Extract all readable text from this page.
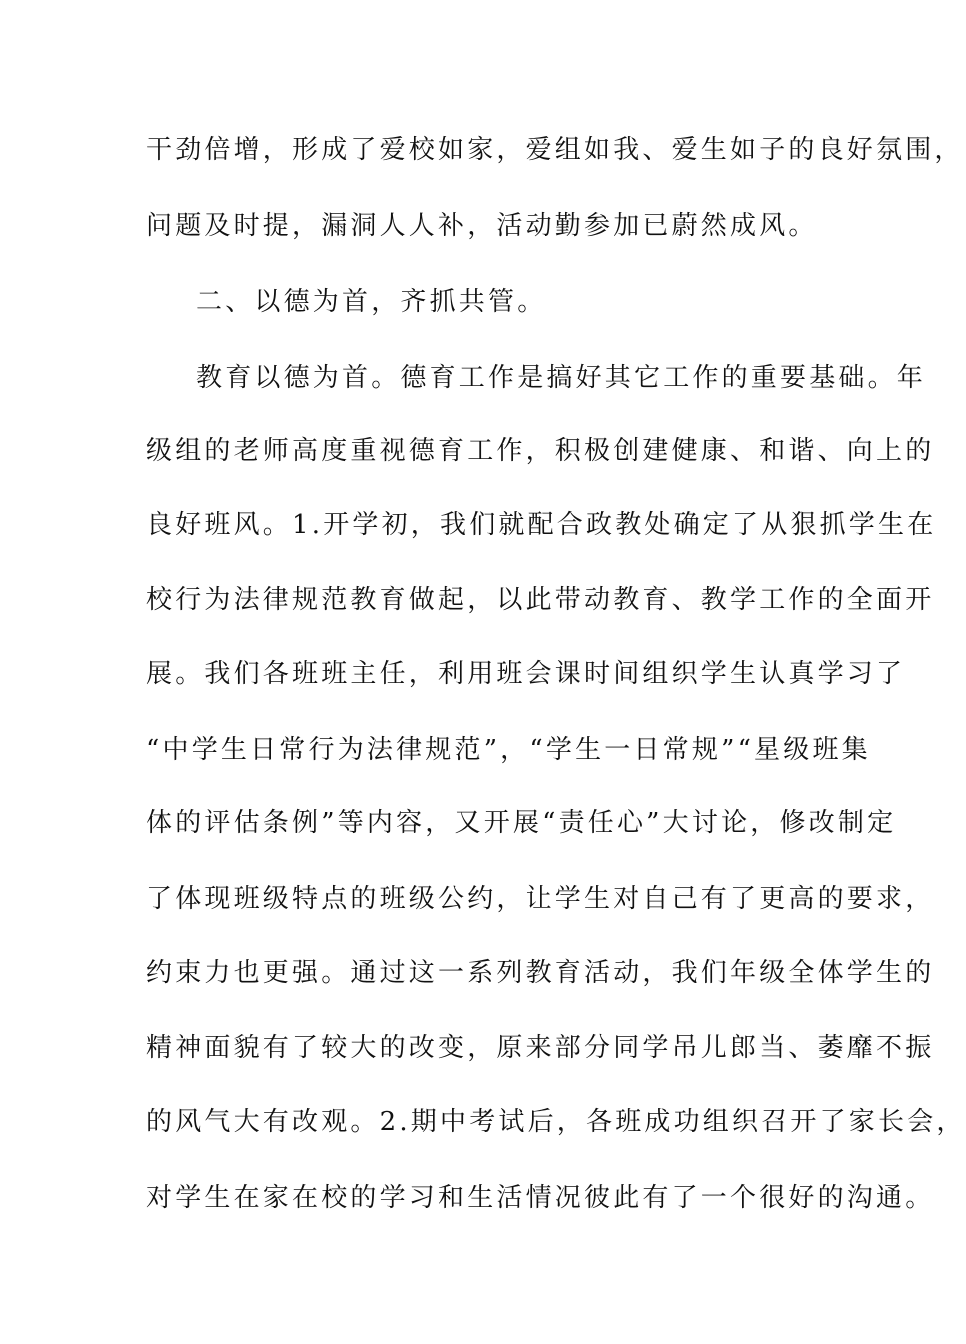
干劲倍增，形成了爱校如家，爱组如我、爱生如子的良好氛围，
问题及时提，漏洞人人补，活动勤参加已蔚然成风。
二、以德为首，齐抓共管。
教育以德为首。德育工作是搞好其它工作的重要基础。年
级组的老师高度重视德育工作，积极创建健康、和谐、向上的
良好班风。1.开学初，我们就配合政教处确定了从狠抓学生在
校行为法律规范教育做起，以此带动教育、教学工作的全面开
展。我们各班班主任，利用班会课时间组织学生认真学习了
“中学生日常行为法律规范”，“学生一日常规”“星级班集
体的评估条例”等内容，又开展“责任心”大讨论，修改制定
了体现班级特点的班级公约，让学生对自己有了更高的要求，
约束力也更强。通过这一系列教育活动，我们年级全体学生的
精神面貌有了较大的改变，原来部分同学吊儿郎当、萎靡不振
的风气大有改观。2.期中考试后，各班成功组织召开了家长会，
对学生在家在校的学习和生活情况彼此有了一个很好的沟通。
